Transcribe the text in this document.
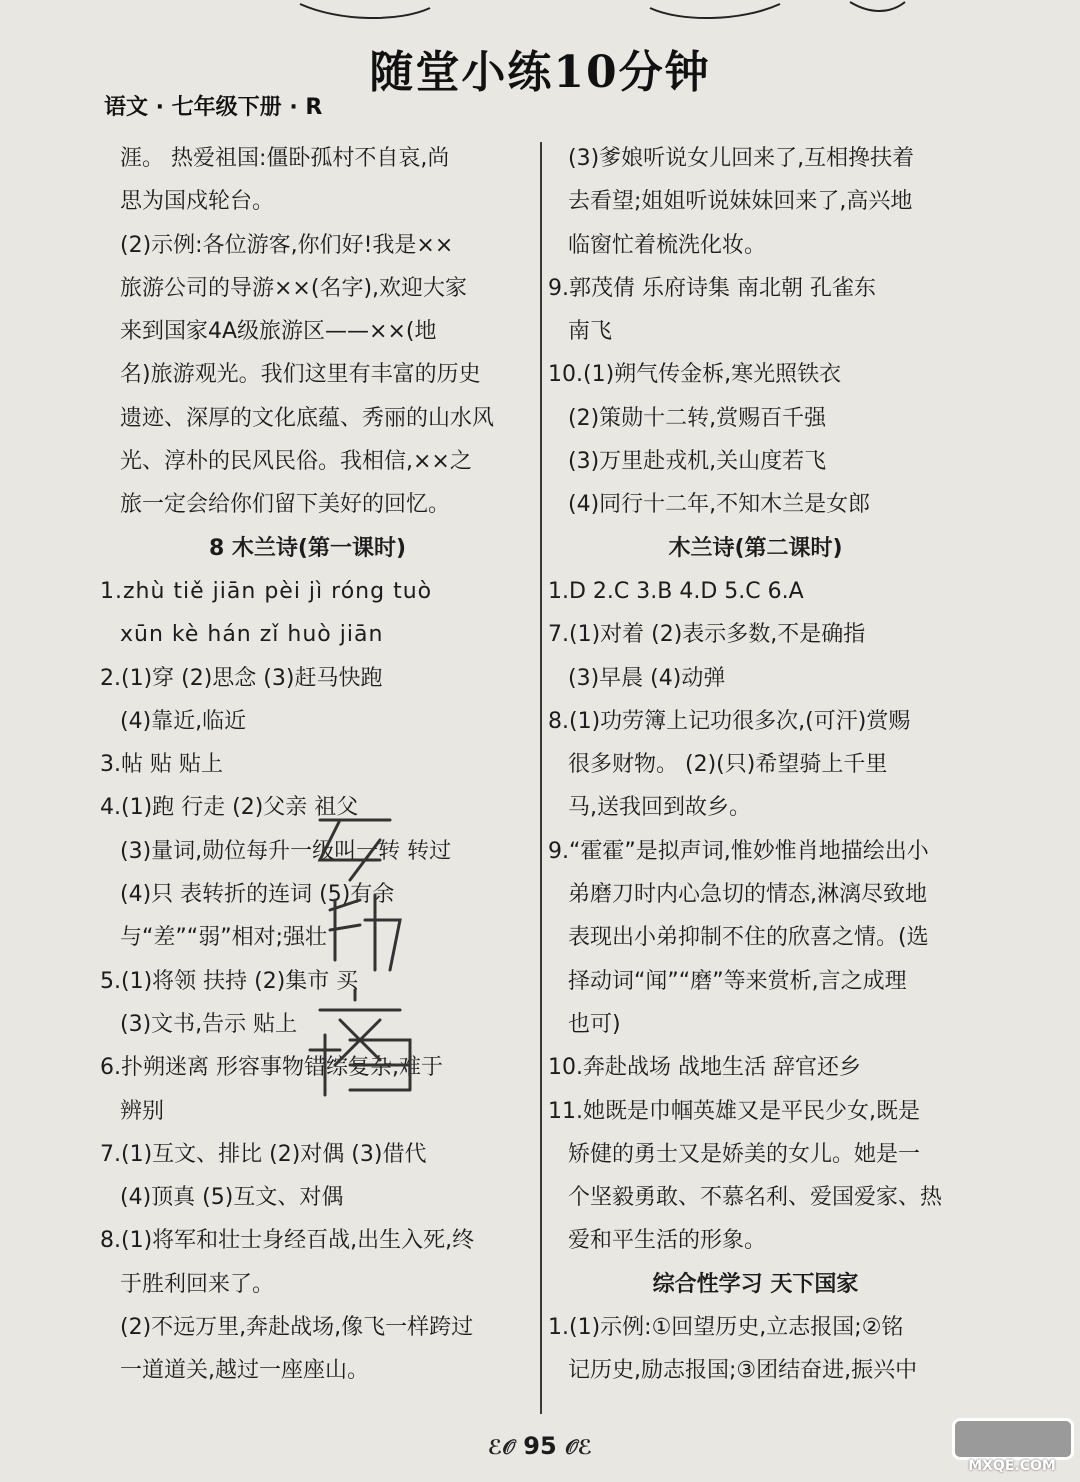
随堂小练10分钟
语文 · 七年级下册 · R
涯。 热爱祖国:僵卧孤村不自哀,尚
思为国戍轮台。
(2)示例:各位游客,你们好!我是××
旅游公司的导游××(名字),欢迎大家
来到国家4A级旅游区——××(地
名)旅游观光。我们这里有丰富的历史
遗迹、深厚的文化底蕴、秀丽的山水风
光、淳朴的民风民俗。我相信,××之
旅一定会给你们留下美好的回忆。
8 木兰诗(第一课时)
1.zhù tiě jiān pèi jì róng tuò
xūn kè hán zǐ huò jiān
2.(1)穿 (2)思念 (3)赶马快跑
(4)靠近,临近
3.帖 贴 贴上
4.(1)跑 行走 (2)父亲 祖父
(3)量词,勋位每升一级叫一转 转过
(4)只 表转折的连词 (5)有余
与“差”“弱”相对;强壮
5.(1)将领 扶持 (2)集市 买
(3)文书,告示 贴上
6.扑朔迷离 形容事物错综复杂,难于
辨别
7.(1)互文、排比 (2)对偶 (3)借代
(4)顶真 (5)互文、对偶
8.(1)将军和壮士身经百战,出生入死,终
于胜利回来了。
(2)不远万里,奔赴战场,像飞一样跨过
一道道关,越过一座座山。
(3)爹娘听说女儿回来了,互相搀扶着
去看望;姐姐听说妹妹回来了,高兴地
临窗忙着梳洗化妆。
9.郭茂倩 乐府诗集 南北朝 孔雀东
南飞
10.(1)朔气传金柝,寒光照铁衣
(2)策勋十二转,赏赐百千强
(3)万里赴戎机,关山度若飞
(4)同行十二年,不知木兰是女郎
木兰诗(第二课时)
1.D 2.C 3.B 4.D 5.C 6.A
7.(1)对着 (2)表示多数,不是确指
(3)早晨 (4)动弹
8.(1)功劳簿上记功很多次,(可汗)赏赐
很多财物。 (2)(只)希望骑上千里
马,送我回到故乡。
9.“霍霍”是拟声词,惟妙惟肖地描绘出小
弟磨刀时内心急切的情态,淋漓尽致地
表现出小弟抑制不住的欣喜之情。(选
择动词“闻”“磨”等来赏析,言之成理
也可)
10.奔赴战场 战地生活 辞官还乡
11.她既是巾帼英雄又是平民少女,既是
矫健的勇士又是娇美的女儿。她是一
个坚毅勇敢、不慕名利、爱国爱家、热
爱和平生活的形象。
综合性学习 天下国家
1.(1)示例:①回望历史,立志报国;②铭
记历史,励志报国;③团结奋进,振兴中
ℰ𝒪 95 𝒪ℰ
MXQE.COM
